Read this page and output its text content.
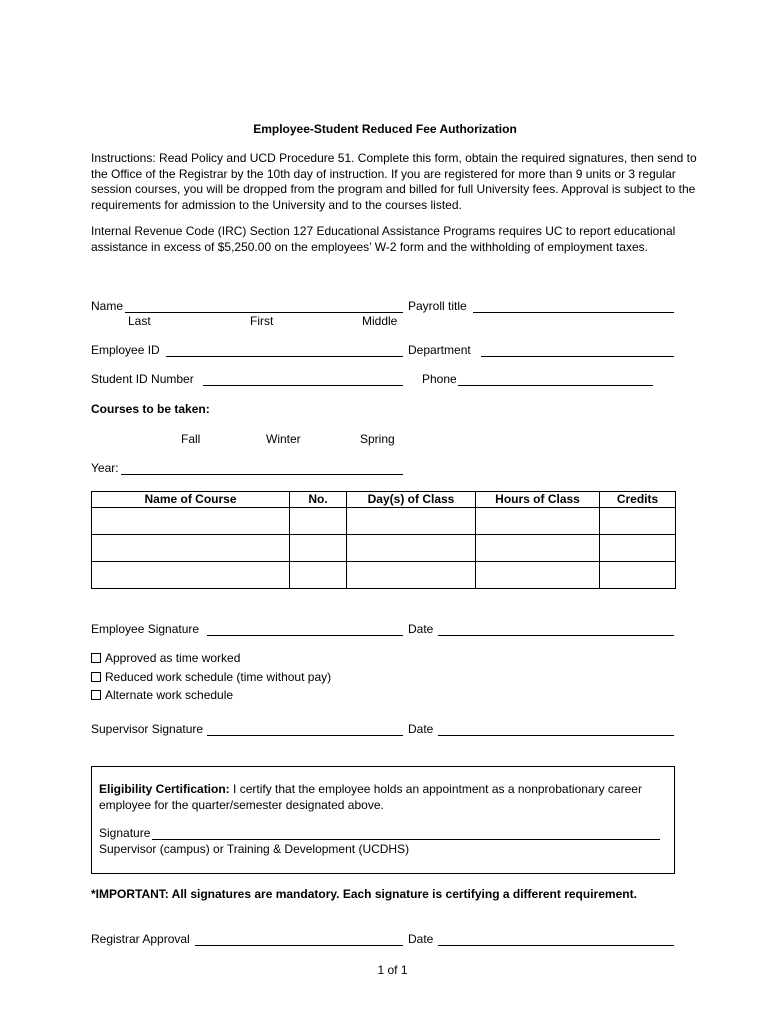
Employee-Student Reduced Fee Authorization
Instructions: Read Policy and UCD Procedure 51. Complete this form, obtain the required signatures, then send to the Office of the Registrar by the 10th day of instruction. If you are registered for more than 9 units or 3 regular session courses, you will be dropped from the program and billed for full University fees. Approval is subject to the requirements for admission to the University and to the courses listed.
Internal Revenue Code (IRC) Section 127 Educational Assistance Programs requires UC to report educational assistance in excess of $5,250.00 on the employees’ W-2 form and the withholding of employment taxes.
Name
Last	First	Middle
Payroll title
Employee ID	Department
Student ID Number	Phone
Courses to be taken:
Fall	Winter	Spring
Year:
Name of Course	No.	Day(s) of Class	Hours of Class	Credits

Employee Signature	Date
Approved as time worked
Reduced work schedule (time without pay)
Alternate work schedule
Supervisor Signature	Date
Eligibility Certification: I certify that the employee holds an appointment as a nonprobationary career employee for the quarter/semester designated above.
Signature
Supervisor (campus) or Training & Development (UCDHS)
*IMPORTANT: All signatures are mandatory. Each signature is certifying a different requirement.
Registrar Approval	Date
1 of 1
